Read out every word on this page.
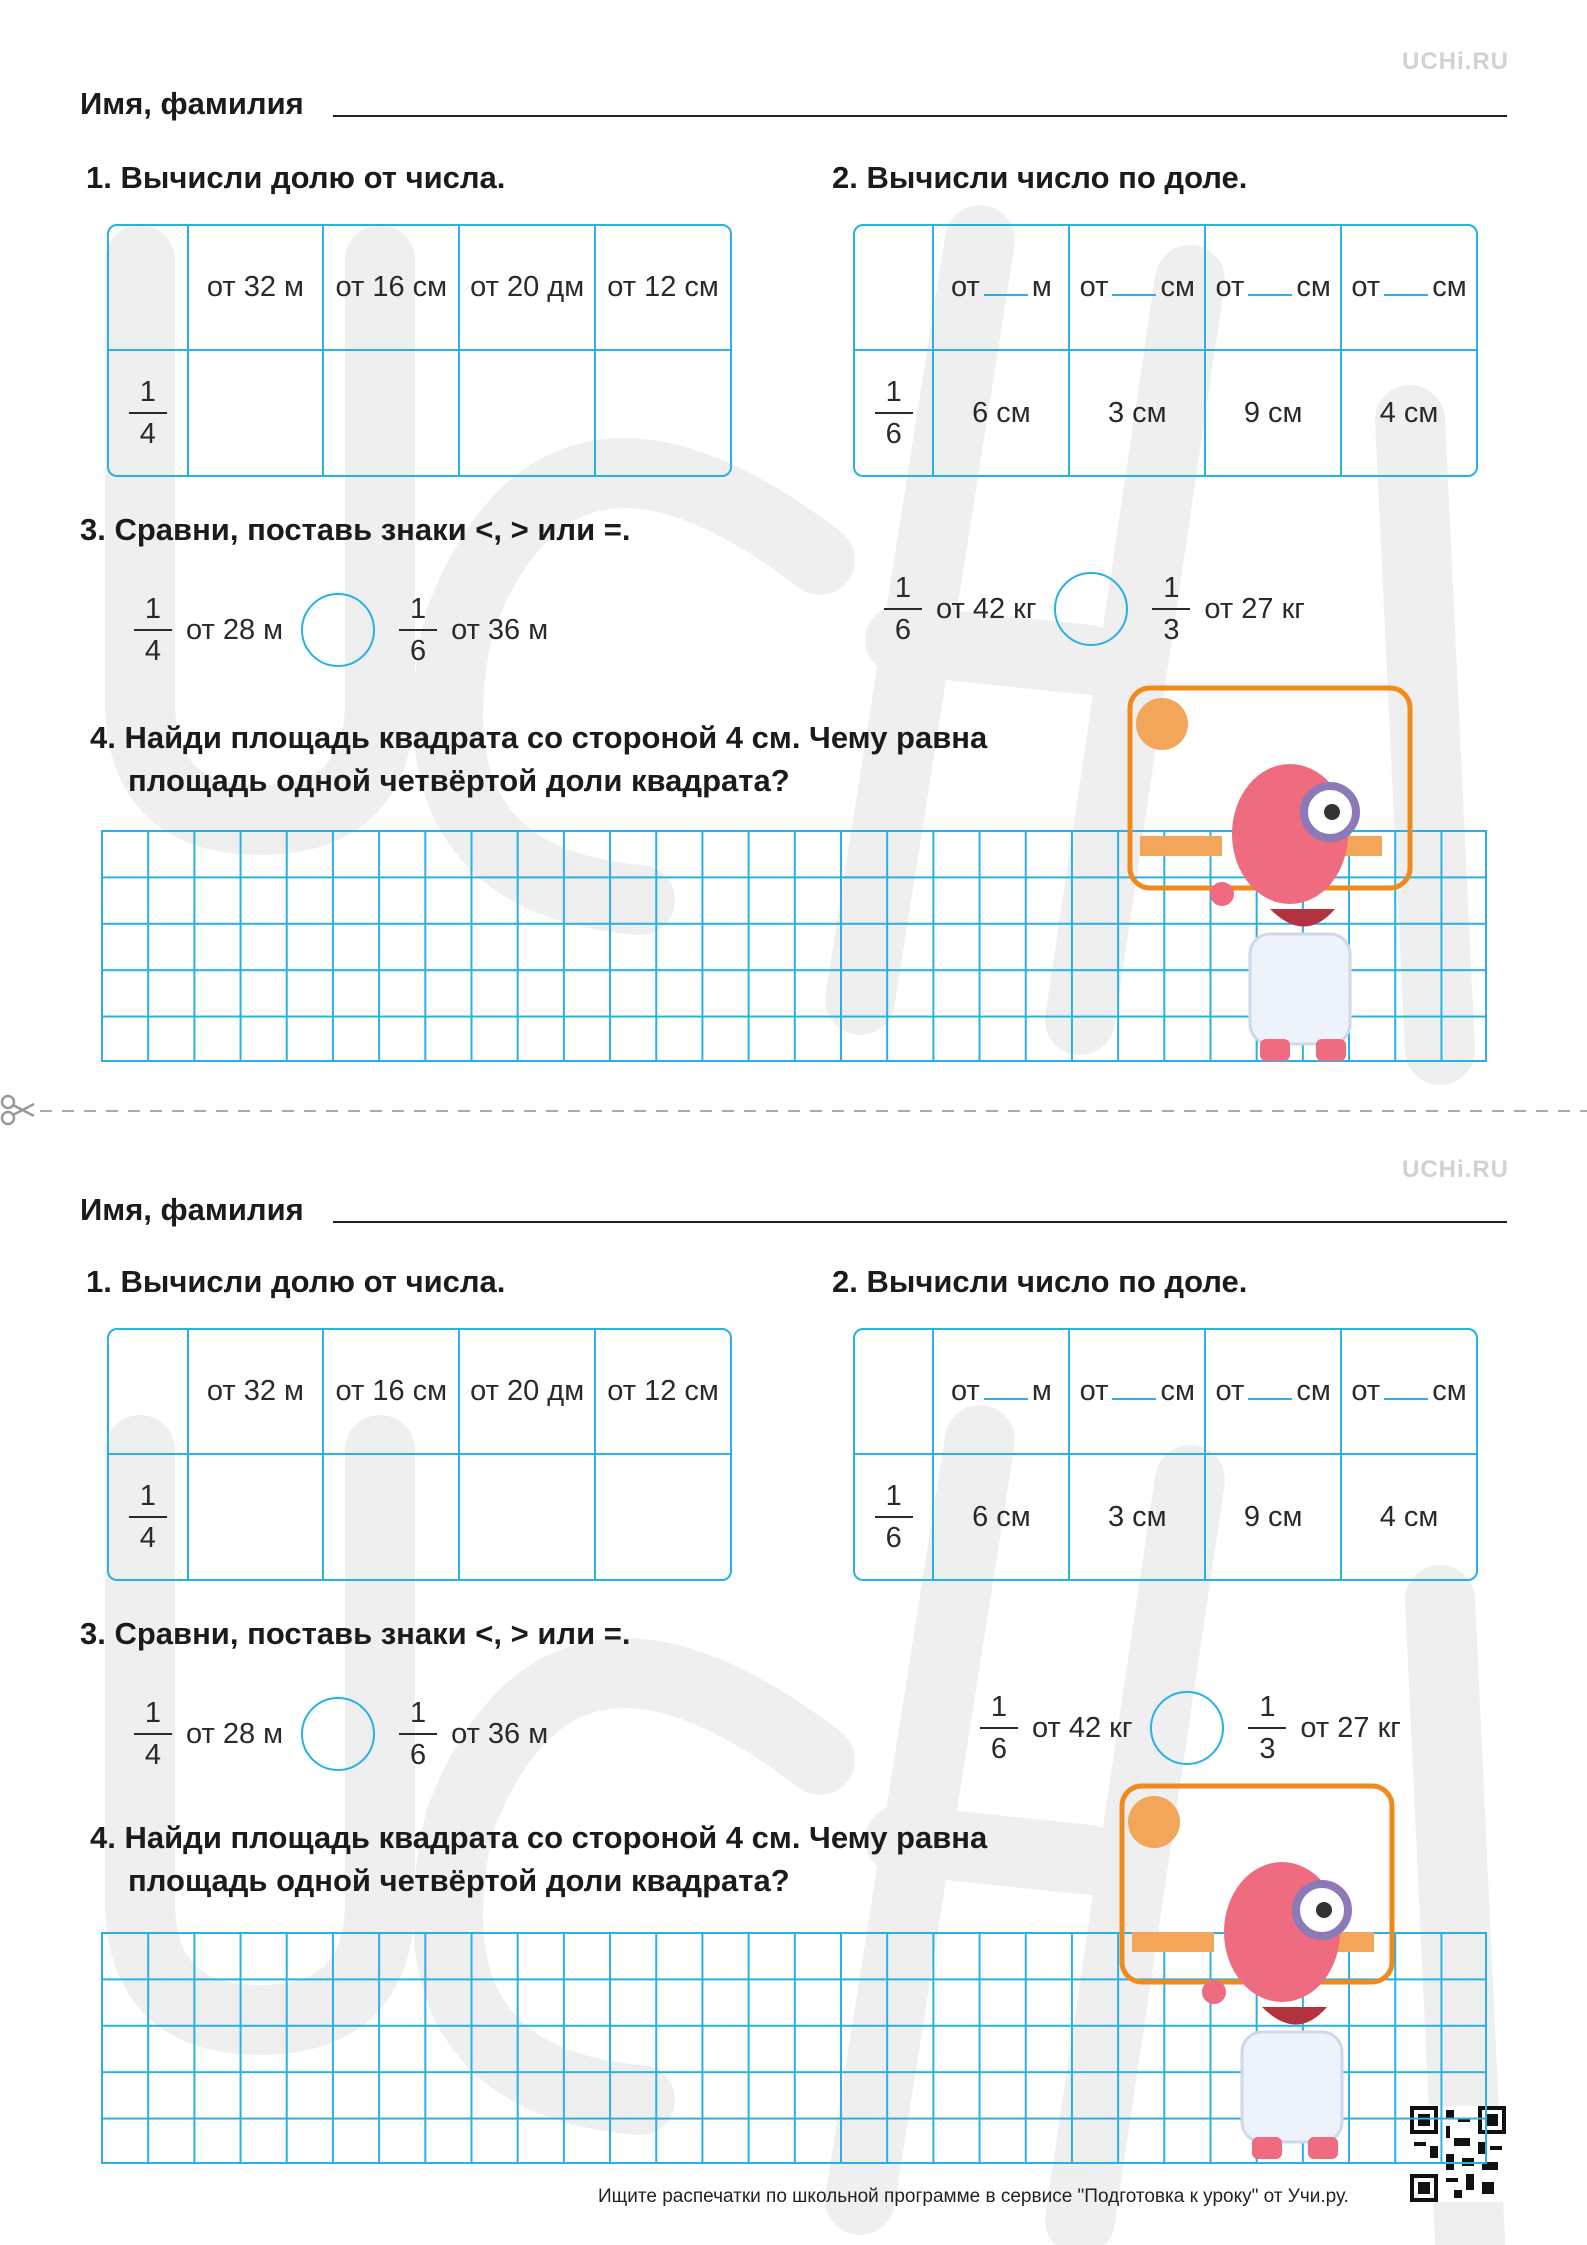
UCHi.RU
Имя, фамилия
1. Вычисли долю от числа.
	от 32 м	от 16 см	от 20 дм	от 12 см

$\frac{1}{4}$

2. Вычисли число по доле.
	от м	от см	от см	от см

$\frac{1}{6}$	6 см	3 см	9 см	4 см
3. Сравни, поставь знаки <, > или =.
$\frac{1}{4}$ от 28 м	$\frac{1}{6}$ от 36 м	$\frac{1}{6}$ от 42 кг	$\frac{1}{3}$ от 27 кг
4. Найди площадь квадрата со стороной 4 см. Чему равна
площадь одной четвёртой доли квадрата?
UCHi.RU
Имя, фамилия
1. Вычисли долю от числа.
	от 32 м	от 16 см	от 20 дм	от 12 см

$\frac{1}{4}$

2. Вычисли число по доле.
	от м	от см	от см	от см

$\frac{1}{6}$	6 см	3 см	9 см	4 см
3. Сравни, поставь знаки <, > или =.
$\frac{1}{4}$ от 28 м	$\frac{1}{6}$ от 36 м	$\frac{1}{6}$ от 42 кг	$\frac{1}{3}$ от 27 кг
4. Найди площадь квадрата со стороной 4 см. Чему равна
площадь одной четвёртой доли квадрата?
Ищите распечатки по школьной программе в сервисе "Подготовка к уроку" от Учи.ру.
